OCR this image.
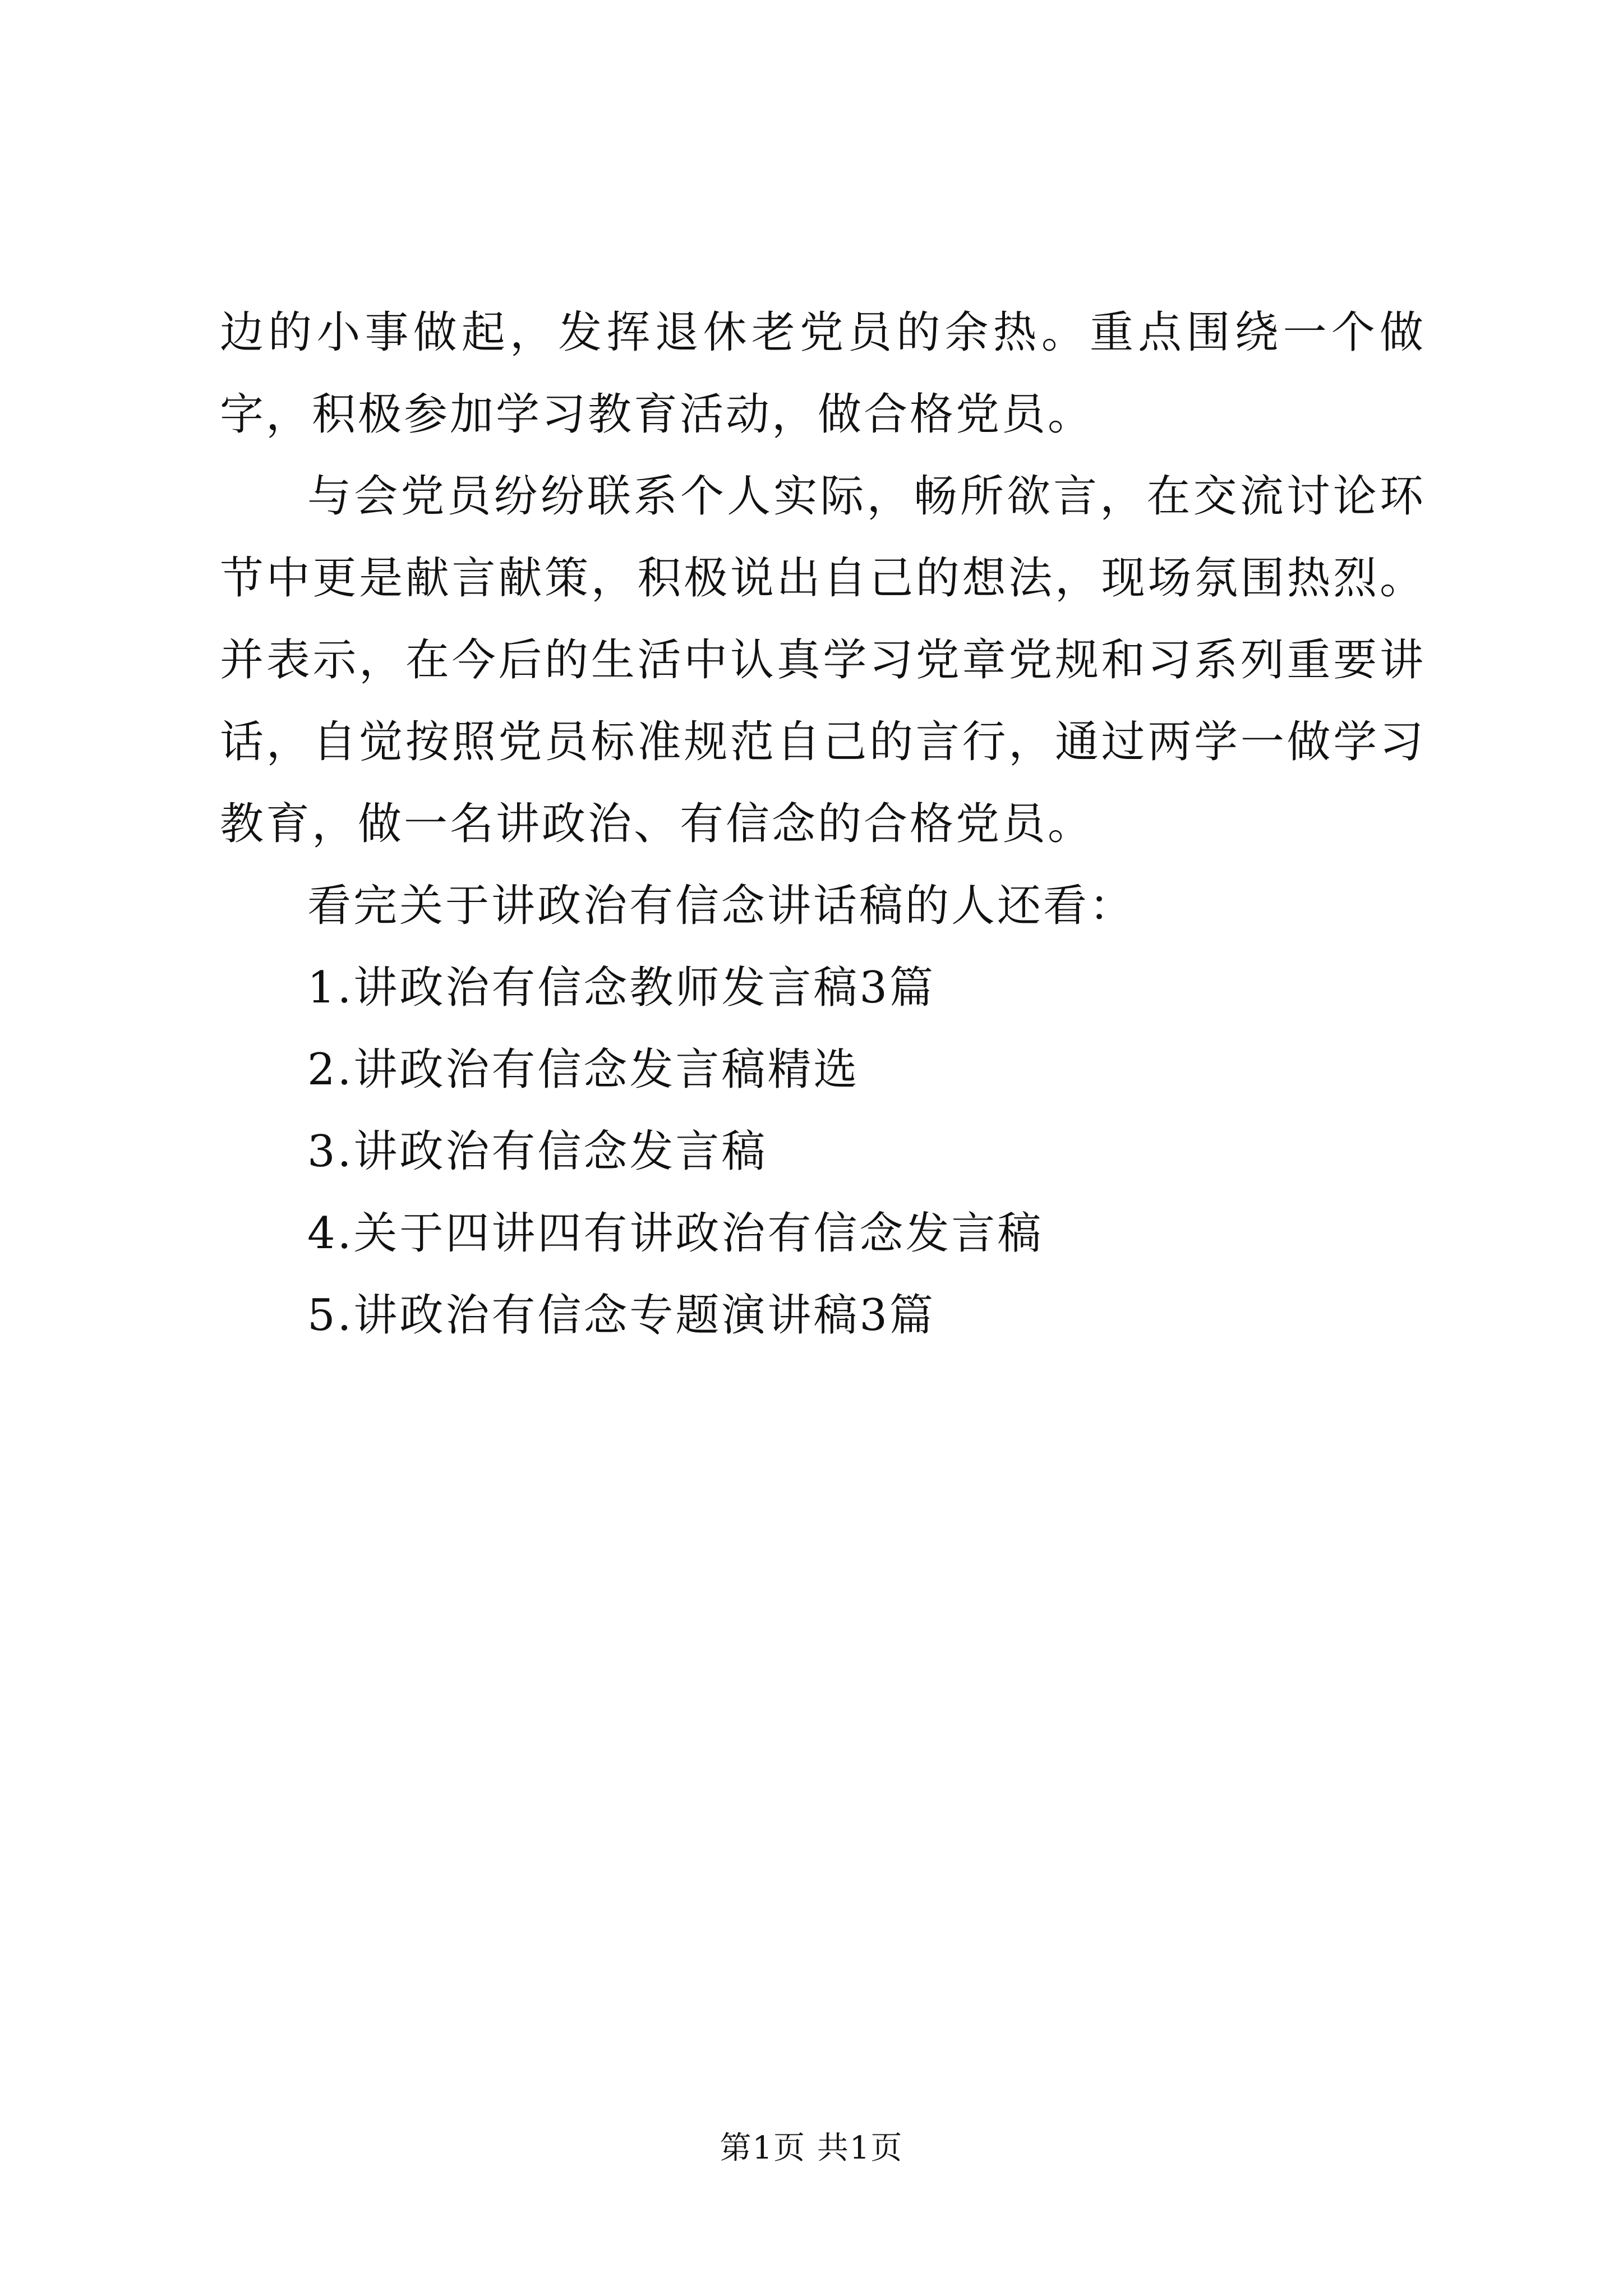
边的小事做起，发挥退休老党员的余热。重点围绕一个做字，积极参加学习教育活动，做合格党员。

与会党员纷纷联系个人实际，畅所欲言，在交流讨论环节中更是献言献策，积极说出自己的想法，现场氛围热烈。并表示，在今后的生活中认真学习党章党规和习系列重要讲话，自觉按照党员标准规范自己的言行，通过两学一做学习教育，做一名讲政治、有信念的合格党员。

看完关于讲政治有信念讲话稿的人还看：

1.讲政治有信念教师发言稿3篇

2.讲政治有信念发言稿精选

3.讲政治有信念发言稿

4.关于四讲四有讲政治有信念发言稿

5.讲政治有信念专题演讲稿3篇

第1页 共1页
